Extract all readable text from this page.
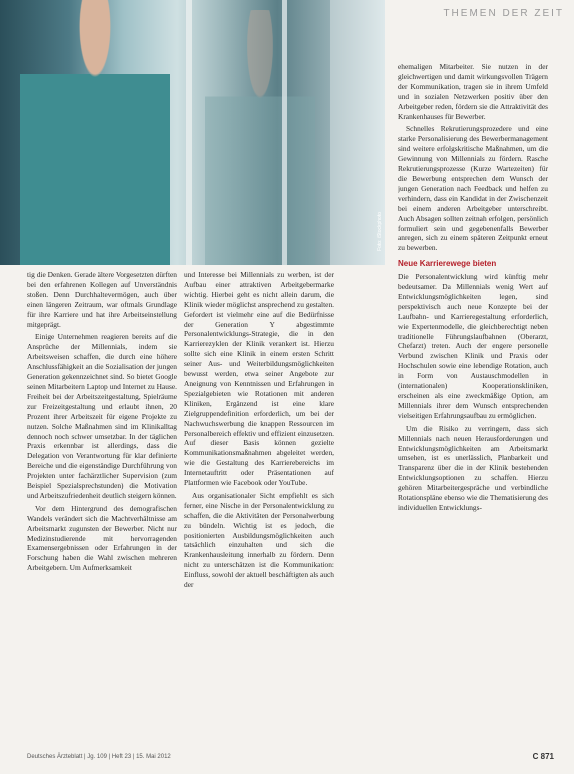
Foto: iStockphoto
THEMEN DER ZEIT

tig die Denken. Gerade ältere Vorgesetzten dürften bei den erfahrenen Kollegen auf Unverständnis stoßen. Denn Durchhaltevermögen, auch über einen längeren Zeitraum, war oftmals Grundlage für ihre Karriere und hat ihre Arbeitseinstellung mitgeprägt.

Einige Unternehmen reagieren bereits auf die Ansprüche der Millennials, indem sie Arbeitsweisen schaffen, die durch eine höhere Anschlussfähigkeit an die Sozialisation der jungen Generation gekennzeichnet sind. So bietet Google seinen Mitarbeitern Laptop und Internet zu Hause. Freiheit bei der Arbeitszeitgestaltung, Spielräume zur Freizeitgestaltung und erlaubt ihnen, 20 Prozent ihrer Arbeitszeit für eigene Projekte zu nutzen. Solche Maßnahmen sind im Klinikalltag dennoch noch schwer umsetzbar. In der täglichen Praxis erkennbar ist allerdings, dass die Delegation von Verantwortung für klar definierte Bereiche und die eigenständige Durchführung von Projekten unter fachärztlicher Supervision (zum Beispiel Spezialsprechstunden) die Motivation und Arbeitszufriedenheit deutlich steigern können.

Vor dem Hintergrund des demografischen Wandels verändert sich die Machtverhältnisse am Arbeitsmarkt zugunsten der Bewerber. Nicht nur Medizinstudierende mit hervorragenden Examensergebnissen oder Erfahrungen in der Forschung haben die Wahl zwischen mehreren Arbeitgebern. Um Aufmerksamkeit

und Interesse bei Millennials zu werben, ist der Aufbau einer attraktiven Arbeitgebermarke wichtig. Hierbei geht es nicht allein darum, die Klinik wieder möglichst ansprechend zu gestalten. Gefordert ist vielmehr eine auf die Bedürfnisse der Generation Y abgestimmte Personalentwicklungs-Strategie, die in den Karrierezyklen der Klinik verankert ist. Hierzu sollte sich eine Klinik in einem ersten Schritt seiner Aus- und Weiterbildungsmöglichkeiten bewusst werden, etwa seiner Angebote zur Aneignung von Kenntnissen und Erfahrungen in Spezialgebieten wie Rotationen mit anderen Kliniken, Ergänzend ist eine klare Zielgruppendefinition erforderlich, um bei der Nachwuchswerbung die knappen Ressourcen im Personalbereich effektiv und effizient einzusetzen. Auf dieser Basis können gezielte Kommunikationsmaßnahmen abgeleitet werden, wie die Gestaltung des Karrierebereichs im Internetauftritt oder Präsentationen auf Plattformen wie Facebook oder YouTube.

Aus organisationaler Sicht empfiehlt es sich ferner, eine Nische in der Personalentwicklung zu schaffen, die die Aktivitäten der Personalwerbung zu bündeln. Wichtig ist es jedoch, die positionierten Ausbildungsmöglichkeiten auch tatsächlich einzuhalten und sich die Krankenhausleitung innerhalb zu fördern. Denn nicht zu unterschätzen ist die Kommunikation: Einfluss, sowohl der aktuell beschäftigten als auch der

ehemaligen Mitarbeiter. Sie nutzen in der gleichwertigen und damit wirkungsvollen Trägern der Kommunikation, tragen sie in ihrem Umfeld und in sozialen Netzwerken positiv über den Arbeitgeber reden, fördern sie die Attraktivität des Krankenhauses für Bewerber.

Schnelles Rekrutierungsprozedere und eine starke Personalisierung des Bewerbermanagement sind weitere erfolgskritische Maßnahmen, um die Gewinnung von Millennials zu fördern. Rasche Rekrutierungsprozesse (Kurze Wartezeiten) für die Bewerbung entsprechen dem Wunsch der jungen Generation nach Feedback und helfen zu verhindern, dass ein Kandidat in der Zwischenzeit bei einem anderen Arbeitgeber unterschreibt. Auch Absagen sollten zeitnah erfolgen, persönlich formuliert sein und gegebenenfalls Bewerber anregen, sich zu einem späteren Zeitpunkt erneut zu bewerben.

Neue Karrierewege bieten

Die Personalentwicklung wird künftig mehr bedeutsamer. Da Millennials wenig Wert auf Entwicklungsmöglichkeiten legen, sind perspektivisch auch neue Konzepte bei der Laufbahn- und Karrieregestaltung erforderlich, wie Expertenmodelle, die gleichberechtigt neben traditionelle Führungslaufbahnen (Oberarzt, Chefarzt) treten. Auch der engere personelle Verbund zwischen Klinik und Praxis oder Hochschulen sowie eine lebendige Rotation, auch in Form von Austauschmodellen in (internationalen) Kooperationskliniken, erscheinen als eine zweckmäßige Option, am Millennials ihrer dem Wunsch entsprechenden vielseitigen Erfahrungsaufbau zu ermöglichen.

Um die Risiko zu verringern, dass sich Millennials nach neuen Herausforderungen und Entwicklungsmöglichkeiten am Arbeitsmarkt umsehen, ist es unerlässlich, Planbarkeit und Transparenz über die in der Klinik bestehenden Entwicklungsoptionen zu schaffen. Hierzu gehören Mitarbeitergespräche und verbindliche Rotationspläne ebenso wie die Thematisierung des individuellen Entwicklungs-

Deutsches Ärzteblatt | Jg. 109 | Heft 23 | 15. Mai 2012	C 871
